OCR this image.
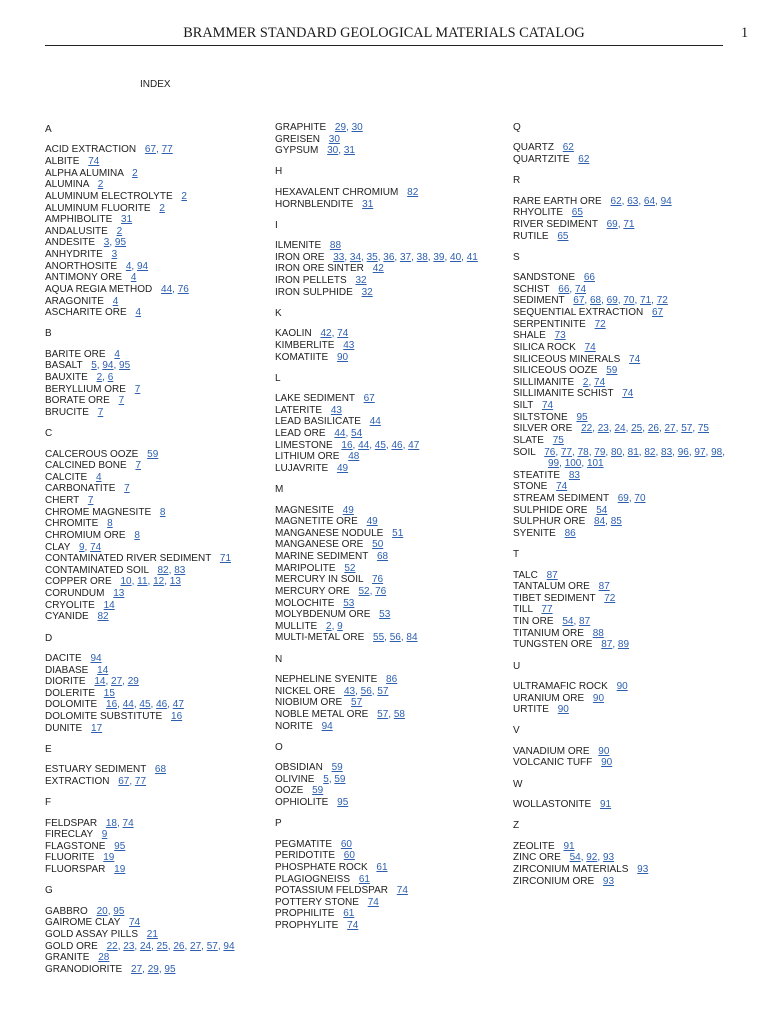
BRAMMER STANDARD GEOLOGICAL MATERIALS CATALOG	1
INDEX
A
ACID EXTRACTION 67, 77
ALBITE 74
ALPHA ALUMINA 2
ALUMINA 2
ALUMINUM ELECTROLYTE 2
ALUMINUM FLUORITE 2
AMPHIBOLITE 31
ANDALUSITE 2
ANDESITE 3, 95
ANHYDRITE 3
ANORTHOSITE 4, 94
ANTIMONY ORE 4
AQUA REGIA METHOD 44, 76
ARAGONITE 4
ASCHARITE ORE 4
B
BARITE ORE 4
BASALT 5, 94, 95
BAUXITE 2, 6
BERYLLIUM ORE 7
BORATE ORE 7
BRUCITE 7
C
CALCEROUS OOZE 59
CALCINED BONE 7
CALCITE 4
CARBONATITE 7
CHERT 7
CHROME MAGNESITE 8
CHROMITE 8
CHROMIUM ORE 8
CLAY 9, 74
CONTAMINATED RIVER SEDIMENT 71
CONTAMINATED SOIL 82, 83
COPPER ORE 10, 11, 12, 13
CORUNDUM 13
CRYOLITE 14
CYANIDE 82
D
DACITE 94
DIABASE 14
DIORITE 14, 27, 29
DOLERITE 15
DOLOMITE 16, 44, 45, 46, 47
DOLOMITE SUBSTITUTE 16
DUNITE 17
E
ESTUARY SEDIMENT 68
EXTRACTION 67, 77
F
FELDSPAR 18, 74
FIRECLAY 9
FLAGSTONE 95
FLUORITE 19
FLUORSPAR 19
G
GABBRO 20, 95
GAIROME CLAY 74
GOLD ASSAY PILLS 21
GOLD ORE 22, 23, 24, 25, 26, 27, 57, 94
GRANITE 28
GRANODIORITE 27, 29, 95
GRAPHITE 29, 30
GREISEN 30
GYPSUM 30, 31
H
HEXAVALENT CHROMIUM 82
HORNBLENDITE 31
I
ILMENITE 88
IRON ORE 33, 34, 35, 36, 37, 38, 39, 40, 41
IRON ORE SINTER 42
IRON PELLETS 32
IRON SULPHIDE 32
K
KAOLIN 42, 74
KIMBERLITE 43
KOMATIITE 90
L
LAKE SEDIMENT 67
LATERITE 43
LEAD BASILICATE 44
LEAD ORE 44, 54
LIMESTONE 16, 44, 45, 46, 47
LITHIUM ORE 48
LUJAVRITE 49
M
MAGNESITE 49
MAGNETITE ORE 49
MANGANESE NODULE 51
MANGANESE ORE 50
MARINE SEDIMENT 68
MARIPOLITE 52
MERCURY IN SOIL 76
MERCURY ORE 52, 76
MOLOCHITE 53
MOLYBDENUM ORE 53
MULLITE 2, 9
MULTI-METAL ORE 55, 56, 84
N
NEPHELINE SYENITE 86
NICKEL ORE 43, 56, 57
NIOBIUM ORE 57
NOBLE METAL ORE 57, 58
NORITE 94
O
OBSIDIAN 59
OLIVINE 5, 59
OOZE 59
OPHIOLITE 95
P
PEGMATITE 60
PERIDOTITE 60
PHOSPHATE ROCK 61
PLAGIOGNEISS 61
POTASSIUM FELDSPAR 74
POTTERY STONE 74
PROPHILITE 61
PROPHYLITE 74
Q
QUARTZ 62
QUARTZITE 62
R
RARE EARTH ORE 62, 63, 64, 94
RHYOLITE 65
RIVER SEDIMENT 69, 71
RUTILE 65
S
SANDSTONE 66
SCHIST 66, 74
SEDIMENT 67, 68, 69, 70, 71, 72
SEQUENTIAL EXTRACTION 67
SERPENTINITE 72
SHALE 73
SILICA ROCK 74
SILICEOUS MINERALS 74
SILICEOUS OOZE 59
SILLIMANITE 2, 74
SILLIMANITE SCHIST 74
SILT 74
SILTSTONE 95
SILVER ORE 22, 23, 24, 25, 26, 27, 57, 75
SLATE 75
SOIL 76, 77, 78, 79, 80, 81, 82, 83, 96, 97, 98, 99, 100, 101
STEATITE 83
STONE 74
STREAM SEDIMENT 69, 70
SULPHIDE ORE 54
SULPHUR ORE 84, 85
SYENITE 86
T
TALC 87
TANTALUM ORE 87
TIBET SEDIMENT 72
TILL 77
TIN ORE 54, 87
TITANIUM ORE 88
TUNGSTEN ORE 87, 89
U
ULTRAMAFIC ROCK 90
URANIUM ORE 90
URTITE 90
V
VANADIUM ORE 90
VOLCANIC TUFF 90
W
WOLLASTONITE 91
Z
ZEOLITE 91
ZINC ORE 54, 92, 93
ZIRCONIUM MATERIALS 93
ZIRCONIUM ORE 93
